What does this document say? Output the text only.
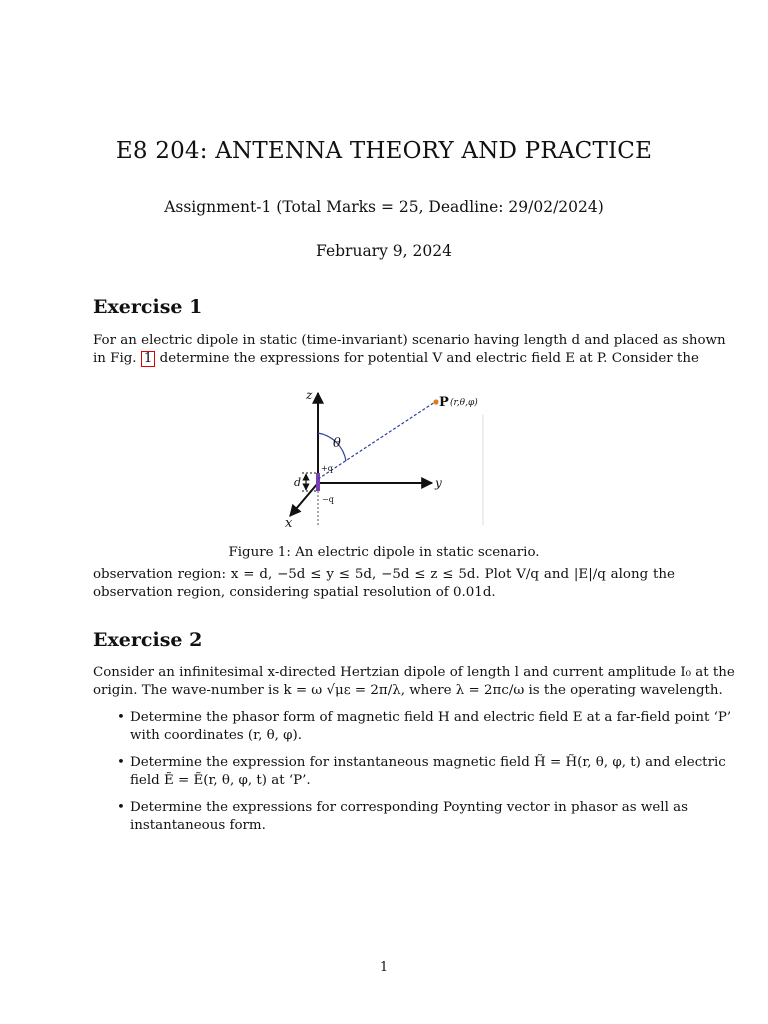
E8 204: ANTENNA THEORY AND PRACTICE
Assignment-1 (Total Marks = 25, Deadline: 29/02/2024)
February 9, 2024
Exercise 1
For an electric dipole in static (time-invariant) scenario having length d and placed as shown
in Fig. 1 determine the expressions for potential V and electric field E at P. Consider the
z
y
x
P (r,θ,φ)
θ
+q
−q
d
Figure 1: An electric dipole in static scenario.
observation region: x = d, −5d ≤ y ≤ 5d, −5d ≤ z ≤ 5d. Plot V/q and |E|/q along the
observation region, considering spatial resolution of 0.01d.
Exercise 2
Consider an infinitesimal x-directed Hertzian dipole of length l and current amplitude I₀ at the
origin. The wave-number is k = ω √με = 2π/λ, where λ = 2πc/ω is the operating wavelength.
• Determine the phasor form of magnetic field H and electric field E at a far-field point ‘P’
with coordinates (r, θ, φ).
• Determine the expression for instantaneous magnetic field H̃ = H̃(r, θ, φ, t) and electric
field Ẽ = Ẽ(r, θ, φ, t) at ‘P’.
• Determine the expressions for corresponding Poynting vector in phasor as well as
instantaneous form.
1
